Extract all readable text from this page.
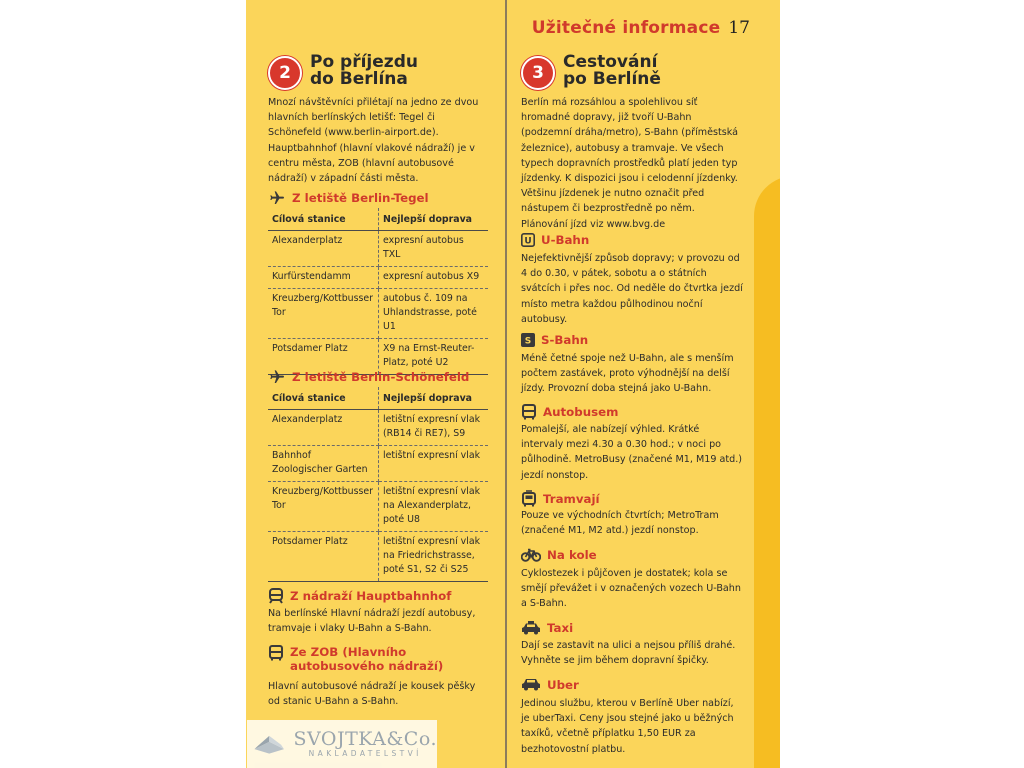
2
Po příjezdu
do Berlína
Mnozí návštěvníci přilétají na jedno ze dvou hlavních berlínských letišť: Tegel či Schönefeld (www.berlin-airport.de). Hauptbahnhof (hlavní vlakové nádraží) je v centru města, ZOB (hlavní autobusové nádraží) v západní části města.
Z letiště Berlin-Tegel
Cílová stanice	Nejlepší doprava
Alexanderplatz	expresní autobus TXL
Kurfürstendamm	expresní autobus X9
Kreuzberg/Kottbusser Tor	autobus č. 109 na Uhlandstrasse, poté U1
Potsdamer Platz	X9 na Ernst-Reuter-Platz, poté U2
Z letiště Berlin-Schönefeld
Cílová stanice	Nejlepší doprava
Alexanderplatz	letištní expresní vlak (RB14 či RE7), S9
Bahnhof Zoologischer Garten	letištní expresní vlak
Kreuzberg/Kottbusser Tor	letištní expresní vlak na Alexanderplatz, poté U8
Potsdamer Platz	letištní expresní vlak na Friedrichstrasse, poté S1, S2 či S25
Z nádraží Hauptbahnhof
Na berlínské Hlavní nádraží jezdí autobusy, tramvaje i vlaky U-Bahn a S-Bahn.
Ze ZOB (Hlavního autobusového nádraží)
Hlavní autobusové nádraží je kousek pěšky od stanic U-Bahn a S-Bahn.
Užitečné informace 17
3
Cestování
po Berlíně
Berlín má rozsáhlou a spolehlivou síť hromadné dopravy, již tvoří U-Bahn (podzemní dráha/metro), S-Bahn (příměstská železnice), autobusy a tramvaje. Ve všech typech dopravních prostředků platí jeden typ jízdenky. K dispozici jsou i celodenní jízdenky. Většinu jízdenek je nutno označit před nástupem či bezprostředně po něm. Plánování jízd viz www.bvg.de
U U-Bahn
Nejefektivnější způsob dopravy; v provozu od 4 do 0.30, v pátek, sobotu a o státních svátcích i přes noc. Od neděle do čtvrtka jezdí místo metra každou půlhodinou noční autobusy.
S S-Bahn
Méně četné spoje než U-Bahn, ale s menším počtem zastávek, proto výhodnější na delší jízdy. Provozní doba stejná jako U-Bahn.
Autobusem
Pomalejší, ale nabízejí výhled. Krátké intervaly mezi 4.30 a 0.30 hod.; v noci po půlhodině. MetroBusy (značené M1, M19 atd.) jezdí nonstop.
Tramvají
Pouze ve východních čtvrtích; MetroTram (značené M1, M2 atd.) jezdí nonstop.
Na kole
Cyklostezek i půjčoven je dostatek; kola se smějí převážet i v označených vozech U-Bahn a S-Bahn.
Taxi
Dají se zastavit na ulici a nejsou příliš drahé. Vyhněte se jim během dopravní špičky.
Uber
Jedinou službu, kterou v Berlíně Uber nabízí, je uberTaxi. Ceny jsou stejné jako u běžných taxíků, včetně příplatku 1,50 EUR za bezhotovostní platbu.
SVOJTKA&Co.
NAKLADATELSTVÍ
